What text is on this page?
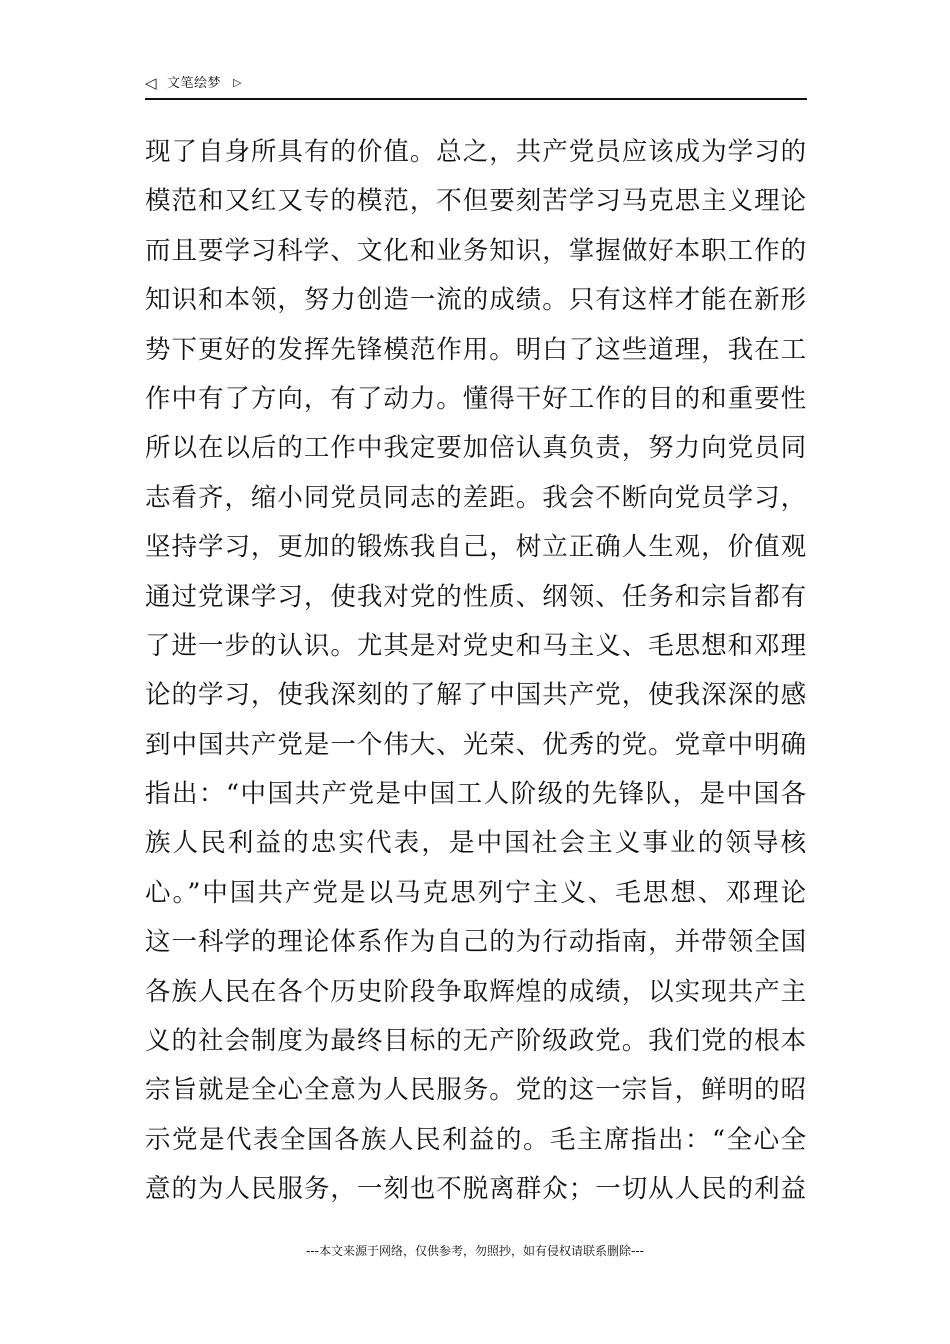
◁ 文笔绘梦 ▷
现了自身所具有的价值。总之，共产党员应该成为学习的
模范和又红又专的模范，不但要刻苦学习马克思主义理论
而且要学习科学、文化和业务知识，掌握做好本职工作的
知识和本领，努力创造一流的成绩。只有这样才能在新形
势下更好的发挥先锋模范作用。明白了这些道理，我在工
作中有了方向，有了动力。懂得干好工作的目的和重要性
所以在以后的工作中我定要加倍认真负责，努力向党员同
志看齐，缩小同党员同志的差距。我会不断向党员学习，
坚持学习，更加的锻炼我自己，树立正确人生观，价值观
通过党课学习，使我对党的性质、纲领、任务和宗旨都有
了进一步的认识。尤其是对党史和马主义、毛思想和邓理
论的学习，使我深刻的了解了中国共产党，使我深深的感
到中国共产党是一个伟大、光荣、优秀的党。党章中明确
指出：“中国共产党是中国工人阶级的先锋队，是中国各
族人民利益的忠实代表，是中国社会主义事业的领导核
心。”中国共产党是以马克思列宁主义、毛思想、邓理论
这一科学的理论体系作为自己的为行动指南，并带领全国
各族人民在各个历史阶段争取辉煌的成绩，以实现共产主
义的社会制度为最终目标的无产阶级政党。我们党的根本
宗旨就是全心全意为人民服务。党的这一宗旨，鲜明的昭
示党是代表全国各族人民利益的。毛主席指出：“全心全
意的为人民服务，一刻也不脱离群众；一切从人民的利益
---本文来源于网络，仅供参考，勿照抄，如有侵权请联系删除---
